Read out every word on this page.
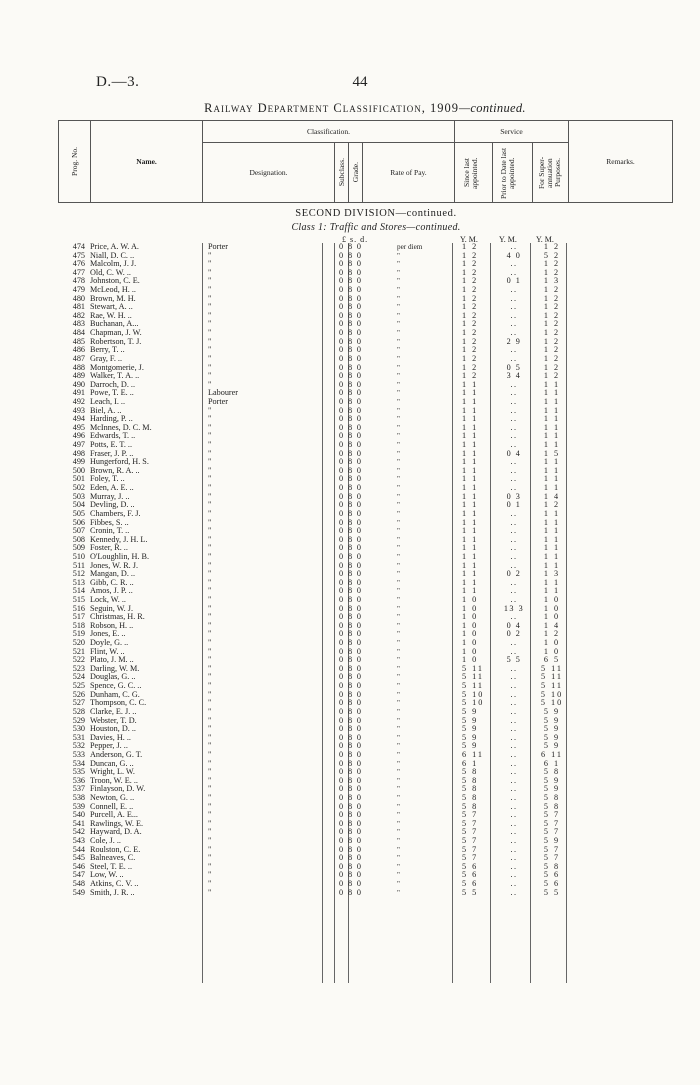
D.—3.	44
Railway Department Classification, 1909—continued.
Prog. No.	Name.	Classification.				Service			Remarks.
		Designation.	Subclass.	Grade.	Rate of Pay.	Since last appointed.	Prior to Date last appointed.	For Super-annuation Purposes.	
SECOND DIVISION—continued.
Class 1: Traffic and Stores—continued.
£ s. d.	Y. M.	Y. M. Y. M.
474 Price, A. W. A.	Porter	0 8 0	per diem	1 2	..	1 2
475 Niall, D. C. ..	"	0 8 0	"	1 2	4 0	5 2
476 Malcolm, J. J.	"	0 8 0	"	1 2	..	1 2
477 Old, C. W. ..	"	0 8 0	"	1 2	..	1 2
478 Johnston, C. E.	"	0 8 0	"	1 2	0 1	1 3
479 McLeod, H. ..	"	0 8 0	"	1 2	..	1 2
480 Brown, M. H.	"	0 8 0	"	1 2	..	1 2
481 Stewart, A. ..	"	0 8 0	"	1 2	..	1 2
482 Rae, W. H. ..	"	0 8 0	"	1 2	..	1 2
483 Buchanan, A...	"	0 8 0	"	1 2	..	1 2
484 Chapman, J. W.	"	0 8 0	"	1 2	..	1 2
485 Robertson, T. J.	"	0 8 0	"	1 2	2 9	1 2
486 Berry, T. ..	"	0 8 0	"	1 2	..	1 2
487 Gray, F. ..	"	0 8 0	"	1 2	..	1 2
488 Montgomerie, J.	"	0 8 0	"	1 2	0 5	1 2
489 Walker, T. A. ..	"	0 8 0	"	1 2	3 4	1 2
490 Darroch, D. ..	"	0 8 0	"	1 1	..	1 1
491 Powe, T. E. ..	Labourer	0 8 0	"	1 1	..	1 1
492 Leach, I. ..	Porter	0 8 0	"	1 1	..	1 1
493 Biel, A. ..	"	0 8 0	"	1 1	..	1 1
494 Harding, P. ..	"	0 8 0	"	1 1	..	1 1
495 McInnes, D. C. M.	"	0 8 0	"	1 1	..	1 1
496 Edwards, T. ..	"	0 8 0	"	1 1	..	1 1
497 Potts, E. T. ..	"	0 8 0	"	1 1	..	1 1
498 Fraser, J. P. ..	"	0 8 0	"	1 1	0 4	1 5
499 Hungerford, H. S.	"	0 8 0	"	1 1	..	1 1
500 Brown, R. A. ..	"	0 8 0	"	1 1	..	1 1
501 Foley, T. ..	"	0 8 0	"	1 1	..	1 1
502 Eden, A. E. ..	"	0 8 0	"	1 1	..	1 1
503 Murray, J. ..	"	0 8 0	"	1 1	0 3	1 4
504 Devling, D. ..	"	0 8 0	"	1 1	0 1	1 2
505 Chambers, F. J.	"	0 8 0	"	1 1	..	1 1
506 Fibbes, S. ..	"	0 8 0	"	1 1	..	1 1
507 Cronin, T. ..	"	0 8 0	"	1 1	..	1 1
508 Kennedy, J. H. L.	"	0 8 0	"	1 1	..	1 1
509 Foster, R. ..	"	0 8 0	"	1 1	..	1 1
510 O'Loughlin, H. B.	"	0 8 0	"	1 1	..	1 1
511 Jones, W. R. J.	"	0 8 0	"	1 1	..	1 1
512 Mangan, D. ..	"	0 8 0	"	1 1	0 2	1 3
513 Gibb, C. R. ..	"	0 8 0	"	1 1	..	1 1
514 Amos, J. P. ..	"	0 8 0	"	1 1	..	1 1
515 Lock, W. ..	"	0 8 0	"	1 0	..	1 0
516 Seguin, W. J.	"	0 8 0	"	1 0	13 3	1 0
517 Christmas, H. R.	"	0 8 0	"	1 0	..	1 0
518 Robson, H. ..	"	0 8 0	"	1 0	0 4	1 4
519 Jones, E. ..	"	0 8 0	"	1 0	0 2	1 2
520 Doyle, G. ..	"	0 8 0	"	1 0	..	1 0
521 Flint, W. ..	"	0 8 0	"	1 0	..	1 0
522 Plato, J. M. ..	"	0 8 0	"	1 0	5 5	6 5
523 Darling, W. M.	"	0 8 0	"	5 11	..	5 11
524 Douglas, G. ..	"	0 8 0	"	5 11	..	5 11
525 Spence, G. C. ..	"	0 8 0	"	5 11	..	5 11
526 Dunham, C. G.	"	0 8 0	"	5 10	..	5 10
527 Thompson, C. C.	"	0 8 0	"	5 10	..	5 10
528 Clarke, E. J. ..	"	0 8 0	"	5 9	..	5 9
529 Webster, T. D.	"	0 8 0	"	5 9	..	5 9
530 Houston, D. ..	"	0 8 0	"	5 9	..	5 9
531 Davies, H. ..	"	0 8 0	"	5 9	..	5 9
532 Pepper, J. ..	"	0 8 0	"	5 9	..	5 9
533 Anderson, G. T.	"	0 8 0	"	6 11	..	6 11
534 Duncan, G. ..	"	0 8 0	"	6 1	..	6 1
535 Wright, L. W.	"	0 8 0	"	5 8	..	5 8
536 Troon, W. E. ..	"	0 8 0	"	5 8	..	5 9
537 Finlayson, D. W.	"	0 8 0	"	5 8	..	5 9
538 Newton, G. ..	"	0 8 0	"	5 8	..	5 8
539 Connell, E. ..	"	0 8 0	"	5 8	..	5 8
540 Purcell, A. E...	"	0 8 0	"	5 7	..	5 7
541 Rawlings, W. E.	"	0 8 0	"	5 7	..	5 7
542 Hayward, D. A.	"	0 8 0	"	5 7	..	5 7
543 Cole, J. ..	"	0 8 0	"	5 7	..	5 9
544 Roulston, C. E.	"	0 8 0	"	5 7	..	5 7
545 Balneaves, C.	"	0 8 0	"	5 7	..	5 7
546 Steel, T. E. ..	"	0 8 0	"	5 6	..	5 8
547 Low, W. ..	"	0 8 0	"	5 6	..	5 6
548 Atkins, C. V. ..	"	0 8 0	"	5 6	..	5 6
549 Smith, J. R. ..	"	0 8 0	"	5 5	..	5 5
